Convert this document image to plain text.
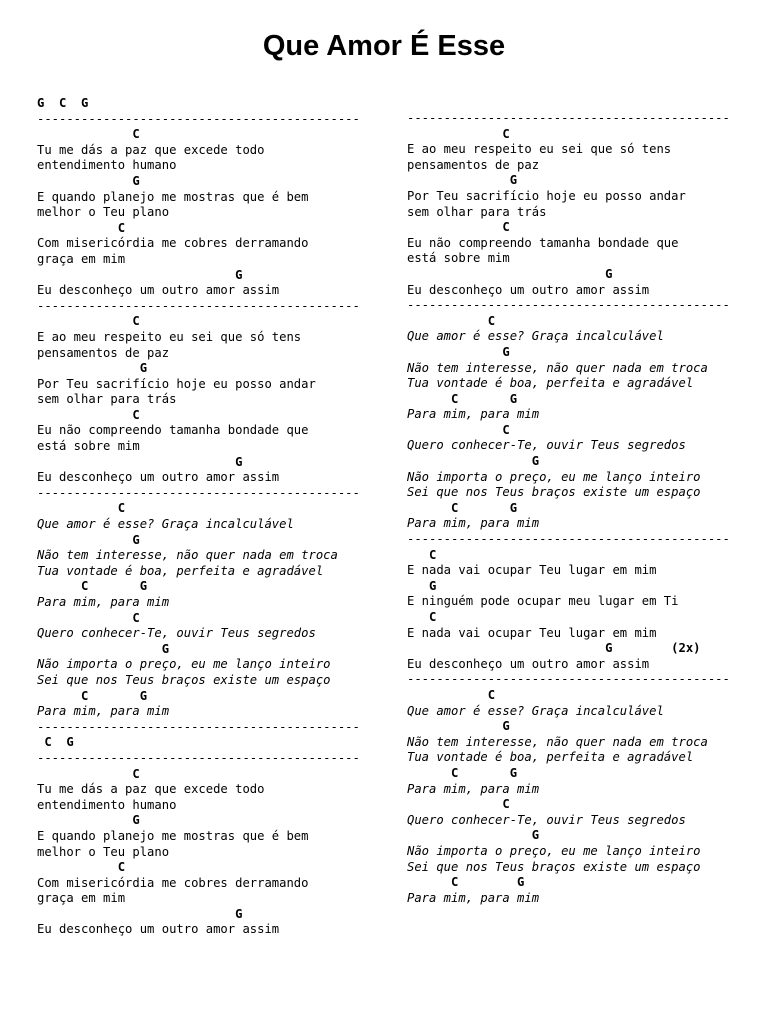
Que Amor É Esse
G  C  G
--------------------------------------------
C
Tu me dás a paz que excede todo
entendimento humano
G
E quando planejo me mostras que é bem
melhor o Teu plano
C
Com misericórdia me cobres derramando
graça em mim
G
Eu desconheço um outro amor assim
--------------------------------------------
C
E ao meu respeito eu sei que só tens
pensamentos de paz
G
Por Teu sacrifício hoje eu posso andar
sem olhar para trás
C
Eu não compreendo tamanha bondade que
está sobre mim
G
Eu desconheço um outro amor assim
--------------------------------------------
C
Que amor é esse? Graça incalculável
G
Não tem interesse, não quer nada em troca
Tua vontade é boa, perfeita e agradável
C       G
Para mim, para mim
C
Quero conhecer-Te, ouvir Teus segredos
G
Não importa o preço, eu me lanço inteiro
Sei que nos Teus braços existe um espaço
C       G
Para mim, para mim
--------------------------------------------
C  G
--------------------------------------------
C
Tu me dás a paz que excede todo
entendimento humano
G
E quando planejo me mostras que é bem
melhor o Teu plano
C
Com misericórdia me cobres derramando
graça em mim
G
Eu desconheço um outro amor assim
--------------------------------------------
C
E ao meu respeito eu sei que só tens
pensamentos de paz
G
Por Teu sacrifício hoje eu posso andar
sem olhar para trás
C
Eu não compreendo tamanha bondade que
está sobre mim
G
Eu desconheço um outro amor assim
--------------------------------------------
C
Que amor é esse? Graça incalculável
G
Não tem interesse, não quer nada em troca
Tua vontade é boa, perfeita e agradável
C       G
Para mim, para mim
C
Quero conhecer-Te, ouvir Teus segredos
G
Não importa o preço, eu me lanço inteiro
Sei que nos Teus braços existe um espaço
C       G
Para mim, para mim
--------------------------------------------
C
E nada vai ocupar Teu lugar em mim
G
E ninguém pode ocupar meu lugar em Ti
C
E nada vai ocupar Teu lugar em mim
G        (2x)
Eu desconheço um outro amor assim
--------------------------------------------
C
Que amor é esse? Graça incalculável
G
Não tem interesse, não quer nada em troca
Tua vontade é boa, perfeita e agradável
C       G
Para mim, para mim
C
Quero conhecer-Te, ouvir Teus segredos
G
Não importa o preço, eu me lanço inteiro
Sei que nos Teus braços existe um espaço
C        G
Para mim, para mim
